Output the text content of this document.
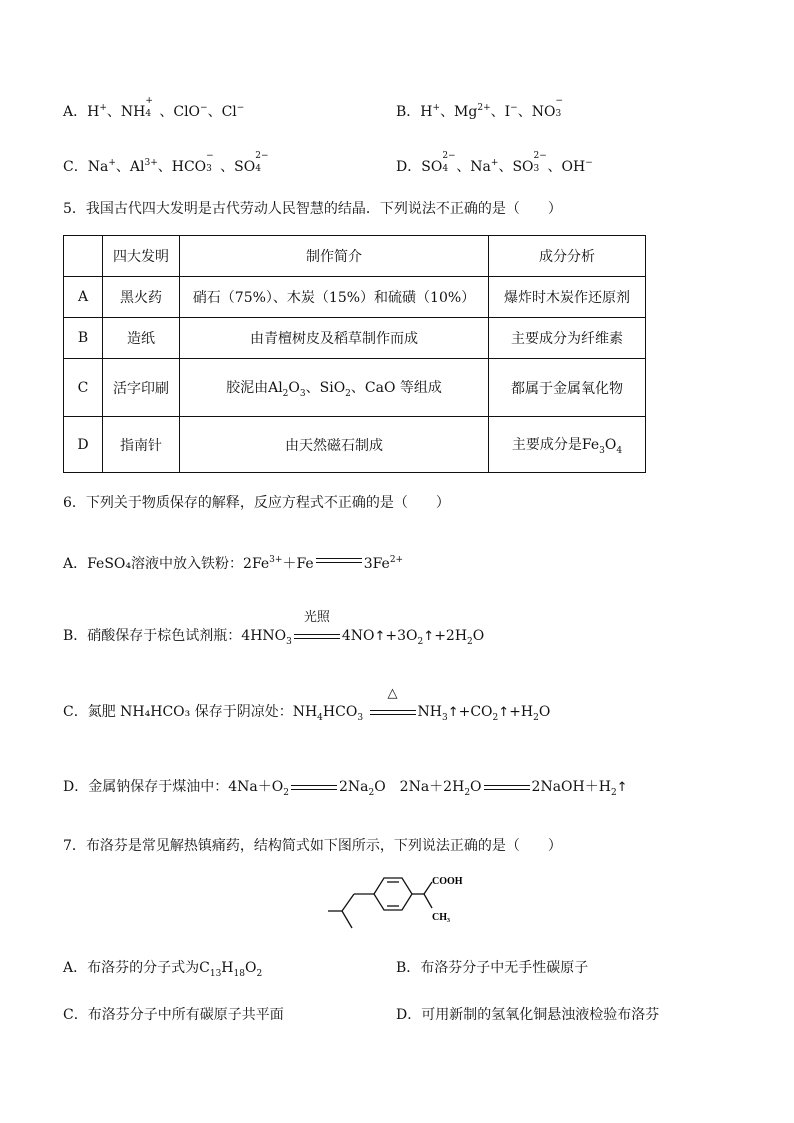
A．H+、NH
+
4 、ClO−、Cl−	B．H+、$Mg^{2+}$、I−、NO
−
3
C．Na+、$Al^{3+}$、HCO
−
3 、SO
2−
4	D．SO
2−
4 、Na+、SO
2−
3 、OH−
5．我国古代四大发明是古代劳动人民智慧的结晶．下列说法不正确的是（　　）
	四大发明	制作简介	成分分析
A	黑火药	硝石（75%）、木炭（15%）和硫磺（10%）	爆炸时木炭作还原剂
B	造纸	由青檀树皮及稻草制作而成	主要成分为纤维素
C	活字印刷	胶泥由$Al_2O_3$、SiO$_2$、CaO 等组成	都属于金属氧化物
D	指南针	由天然磁石制成	主要成分是$Fe_3O_4$
6．下列关于物质保存的解释，反应方程式不正确的是（　　）
A．FeSO₄溶液中放入铁粉：$2Fe^{3+}+Fe$	$3Fe^{2+}$
B．硝酸保存于棕色试剂瓶：$4HNO_3$
光照
$4NO↑+3O_2↑+2H_2O$
C．氮肥 NH₄HCO₃ 保存于阴凉处：$NH_4HCO_3$
△
$NH_3↑+CO_2↑+H_2O$
D．金属钠保存于煤油中：$4Na+O_2$	$2Na_2O$　$2Na+2H_2O$	$2NaOH+H_2↑$
7．布洛芬是常见解热镇痛药，结构简式如下图所示，下列说法正确的是（　　）
COOH
CH₃
A．布洛芬的分子式为$C_{13}H_{18}O_2$	B．布洛芬分子中无手性碳原子
C．布洛芬分子中所有碳原子共平面	D．可用新制的氢氧化铜悬浊液检验布洛芬
